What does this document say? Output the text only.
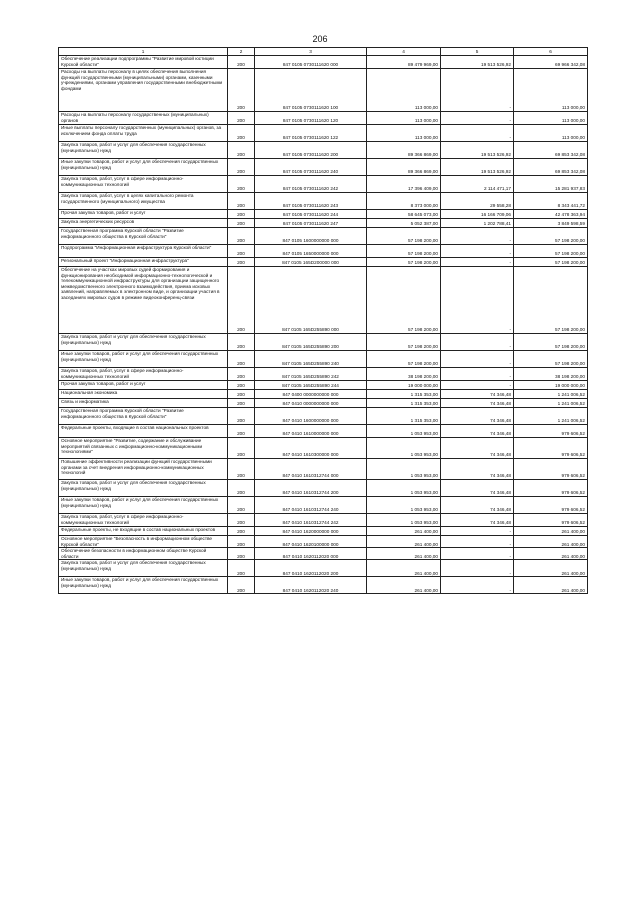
206
1	2	3	4	5	6
Обеспечение реализации подпрограммы "Развитие мировой юстиции Курской области"	200	847 0105 0730111620 000	89 479 969,00	19 513 526,92	69 966 342,08
Расходы на выплаты персоналу в целях обеспечения выполнения функций государственными (муниципальными) органами, казенными учреждениями, органами управления государственными внебюджетными фондами	200	847 0105 0730111620 100	113 000,00	-	113 000,00
Расходы на выплаты персоналу государственных (муниципальных) органов	200	847 0105 0730111620 120	113 000,00	-	113 000,00
Иные выплаты персоналу государственных (муниципальных) органов, за исключением фонда оплаты труда	200	847 0105 0730111620 122	113 000,00	-	113 000,00
Закупка товаров, работ и услуг для обеспечения государственных (муниципальных) нужд	200	847 0105 0730111620 200	89 366 869,00	19 513 526,92	69 853 342,08
Иные закупки товаров, работ и услуг для обеспечения государственных (муниципальных) нужд	200	847 0105 0730111620 240	89 366 869,00	19 513 526,92	69 853 342,08
Закупка товаров, работ, услуг в сфере информационно-коммуникационных технологий	200	847 0105 0730111620 242	17 396 409,00	2 114 471,17	15 281 937,83
Закупка товаров, работ, услуг в целях капитального ремонта государственного (муниципального) имущества	200	847 0105 0730111620 243	8 373 000,00	29 558,28	8 343 441,72
Прочая закупка товаров, работ и услуг	200	847 0105 0730111620 244	58 645 073,00	16 166 709,06	42 478 363,94
Закупка энергетических ресурсов	200	847 0105 0730111620 247	5 052 387,00	1 202 788,41	3 849 598,59
Государственная программа Курской области "Развитие информационного общества в Курской области"	200	847 0105 1600000000 000	57 198 200,00	-	57 198 200,00
Подпрограмма "Информационная инфраструктура Курской области"	200	847 0105 1650000000 000	57 198 200,00	-	57 198 200,00
Региональный проект "Информационная инфраструктура"	200	847 0105 165D200000 000	57 198 200,00	-	57 198 200,00
Обеспечение на участках мировых судей формирования и функционирования необходимой информационно-технологической и телекоммуникационной инфраструктуры для организации защищенного межведомственного электронного взаимодействия, приема исковых заявлений, направляемых в электронном виде, и организации участия в заседаниях мировых судов в режиме видеоконференц-связи	200	847 0105 165D255890 000	57 198 200,00	-	57 198 200,00
Закупка товаров, работ и услуг для обеспечения государственных (муниципальных) нужд	200	847 0105 165D255890 200	57 198 200,00	-	57 198 200,00
Иные закупки товаров, работ и услуг для обеспечения государственных (муниципальных) нужд	200	847 0105 165D255890 240	57 198 200,00	-	57 198 200,00
Закупка товаров, работ, услуг в сфере информационно-коммуникационных технологий	200	847 0105 165D255890 242	38 198 200,00	-	38 198 200,00
Прочая закупка товаров, работ и услуг	200	847 0105 165D255890 244	19 000 000,00	-	19 000 000,00
Национальная экономика	200	847 0400 0000000000 000	1 315 353,00	74 346,48	1 241 006,52
Связь и информатика	200	847 0410 0000000000 000	1 315 353,00	74 346,48	1 241 006,52
Государственная программа Курской области "Развитие информационного общества в Курской области"	200	847 0410 1600000000 000	1 315 353,00	74 346,48	1 241 006,52
Федеральные проекты, входящие в состав национальных проектов	200	847 0410 1610000000 000	1 053 953,00	74 346,48	979 606,52
Основное мероприятие "Развитие, содержание и обслуживание мероприятий связанных с информационно-коммуникационными технологиями"	200	847 0410 1610300000 000	1 053 953,00	74 346,48	979 606,52
Повышение эффективности реализации функций государственными органами за счет внедрения информационно-коммуникационных технологий	200	847 0410 1610312744 000	1 053 953,00	74 346,48	979 606,52
Закупка товаров, работ и услуг для обеспечения государственных (муниципальных) нужд	200	847 0410 1610312744 200	1 053 953,00	74 346,48	979 606,52
Иные закупки товаров, работ и услуг для обеспечения государственных (муниципальных) нужд	200	847 0410 1610312744 240	1 053 953,00	74 346,48	979 606,52
Закупка товаров, работ, услуг в сфере информационно-коммуникационных технологий	200	847 0410 1610312744 242	1 053 953,00	74 346,48	979 606,52
Федеральные проекты, не входящие в состав национальных проектов	200	847 0410 1620000000 000	261 400,00	-	261 400,00
Основное мероприятие "Безопасность в информационном обществе Курской области"	200	847 0410 1620100000 000	261 400,00	-	261 400,00
Обеспечение безопасности в информационном обществе Курской области	200	847 0410 1620112020 000	261 400,00	-	261 400,00
Закупка товаров, работ и услуг для обеспечения государственных (муниципальных) нужд	200	847 0410 1620112020 200	261 400,00	-	261 400,00
Иные закупки товаров, работ и услуг для обеспечения государственных (муниципальных) нужд	200	847 0410 1620112020 240	261 400,00	-	261 400,00
